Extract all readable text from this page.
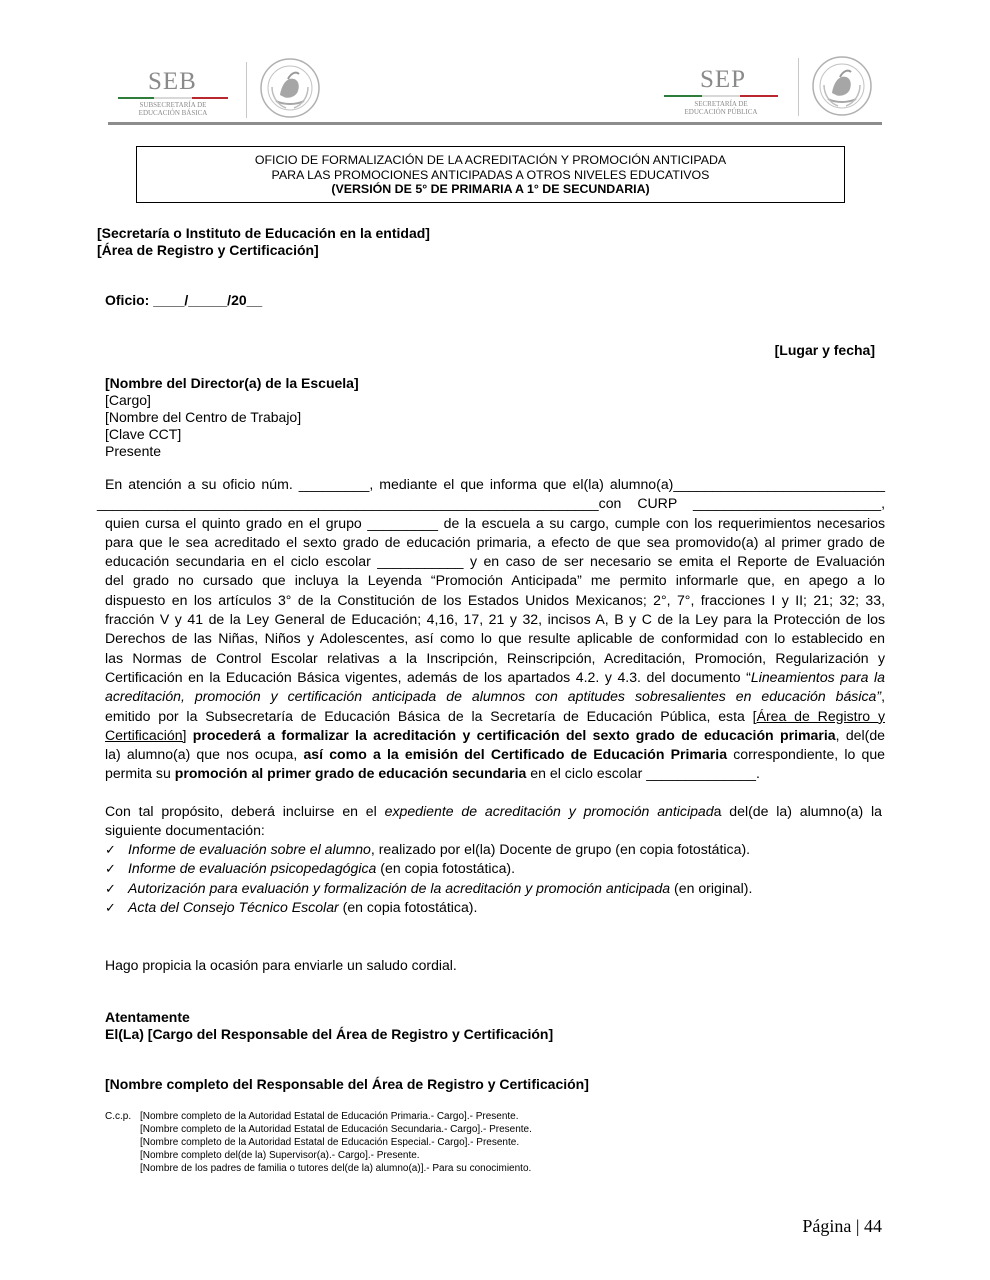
SEB
SUBSECRETARÍA DE
EDUCACIÓN BÁSICA
SEP
SECRETARÍA DE
EDUCACIÓN PÚBLICA
OFICIO DE FORMALIZACIÓN DE LA ACREDITACIÓN Y PROMOCIÓN ANTICIPADA
PARA LAS PROMOCIONES ANTICIPADAS A OTROS NIVELES EDUCATIVOS
(VERSIÓN DE 5° DE PRIMARIA A 1° DE SECUNDARIA)
[Secretaría o Instituto de Educación en la entidad]
[Área de Registro y Certificación]
Oficio: ____/_____/20__
[Lugar y fecha]
[Nombre del Director(a) de la Escuela]
[Cargo]
[Nombre del Centro de Trabajo]
[Clave CCT]
Presente
En atención a su oficio núm. _________, mediante el que informa que el(la) alumno(a)___________________________
________________________________________________________________con CURP ________________________,
quien cursa el quinto grado en el grupo _________ de la escuela a su cargo, cumple con los requerimientos necesarios
para que le sea acreditado el sexto grado de educación primaria, a efecto de que sea promovido(a) al primer grado de
educación secundaria en el ciclo escolar ___________ y en caso de ser necesario se emita el Reporte de Evaluación
del grado no cursado que incluya la Leyenda “Promoción Anticipada” me permito informarle que, en apego a lo
dispuesto en los artículos 3° de la Constitución de los Estados Unidos Mexicanos; 2°, 7°, fracciones I y II; 21; 32; 33,
fracción V y 41 de la Ley General de Educación; 4,16, 17, 21 y 32, incisos A, B y C de la Ley para la Protección de los
Derechos de las Niñas, Niños y Adolescentes, así como lo que resulte aplicable de conformidad con lo establecido en
las Normas de Control Escolar relativas a la Inscripción, Reinscripción, Acreditación, Promoción, Regularización y
Certificación en la Educación Básica vigentes, además de los apartados 4.2. y 4.3. del documento “Lineamientos para la
acreditación, promoción y certificación anticipada de alumnos con aptitudes sobresalientes en educación básica”,
emitido por la Subsecretaría de Educación Básica de la Secretaría de Educación Pública, esta [Área de Registro y
Certificación] procederá a formalizar la acreditación y certificación del sexto grado de educación primaria, del(de
la) alumno(a) que nos ocupa, así como a la emisión del Certificado de Educación Primaria correspondiente, lo que
permita su promoción al primer grado de educación secundaria en el ciclo escolar ______________.
Con tal propósito, deberá incluirse en el expediente de acreditación y promoción anticipada del(de la) alumno(a) la
siguiente documentación:
✓ Informe de evaluación sobre el alumno, realizado por el(la) Docente de grupo (en copia fotostática).
✓ Informe de evaluación psicopedagógica (en copia fotostática).
✓ Autorización para evaluación y formalización de la acreditación y promoción anticipada (en original).
✓ Acta del Consejo Técnico Escolar (en copia fotostática).
Hago propicia la ocasión para enviarle un saludo cordial.
Atentamente
El(La) [Cargo del Responsable del Área de Registro y Certificación]
[Nombre completo del Responsable del Área de Registro y Certificación]
C.c.p. [Nombre completo de la Autoridad Estatal de Educación Primaria.- Cargo].- Presente.
[Nombre completo de la Autoridad Estatal de Educación Secundaria.- Cargo].- Presente.
[Nombre completo de la Autoridad Estatal de Educación Especial.- Cargo].- Presente.
[Nombre completo del(de la) Supervisor(a).- Cargo].- Presente.
[Nombre de los padres de familia o tutores del(de la) alumno(a)].- Para su conocimiento.
Página | 44
